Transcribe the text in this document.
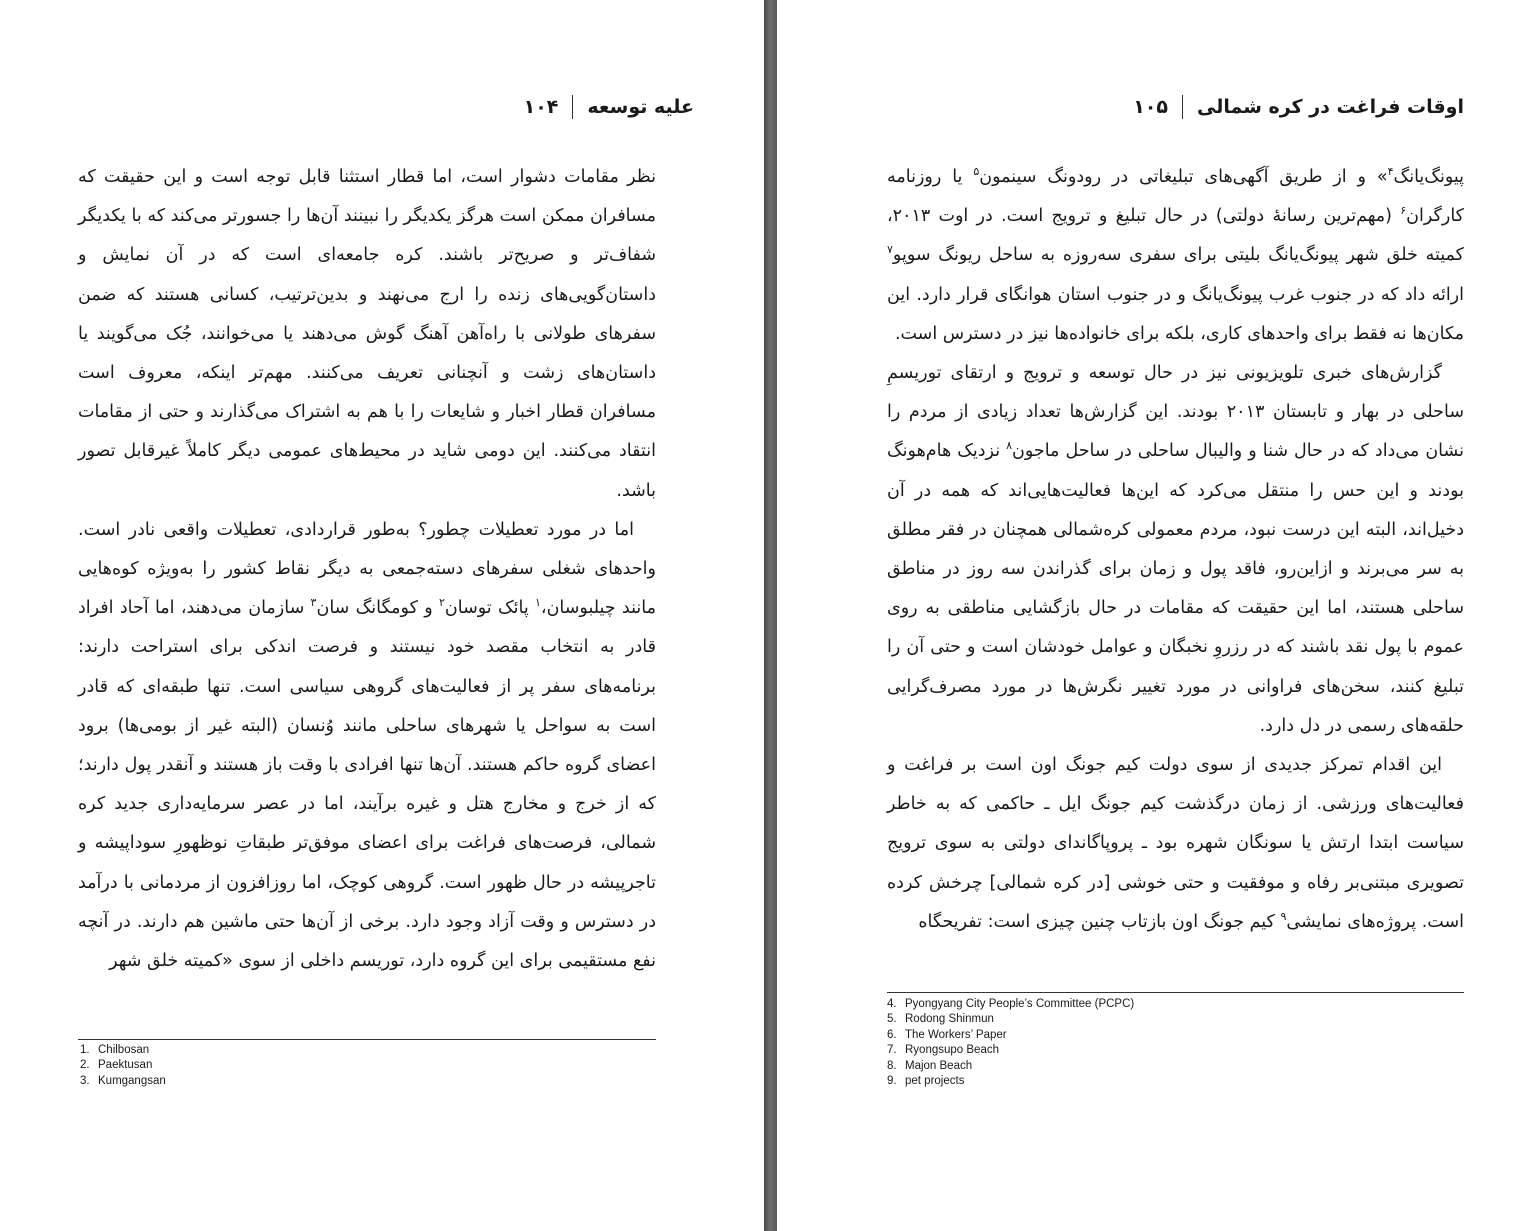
علیه توسعه
۱۰۴

نظر مقامات دشوار است، اما قطار استثنا قابل توجه است و این حقیقت که مسافران ممکن است هرگز یکدیگر را نبینند آن‌ها را جسورتر می‌کند که با یکدیگر شفاف‌تر و صریح‌تر باشند. کره جامعه‌ای است که در آن نمایش و داستان‌گویی‌های زنده را ارج می‌نهند و بدین‌ترتیب، کسانی هستند که ضمن سفرهای طولانی با راه‌آهن آهنگ گوش می‌دهند یا می‌خوانند، جُک می‌گویند یا داستان‌های زشت و آنچنانی تعریف می‌کنند. مهم‌تر اینکه، معروف است مسافران قطار اخبار و شایعات را با هم به اشتراک می‌گذارند و حتی از مقامات انتقاد می‌کنند. این دومی شاید در محیط‌های عمومی دیگر کاملاً غیرقابل تصور باشد.

اما در مورد تعطیلات چطور؟ به‌طور قراردادی، تعطیلات واقعی نادر است. واحدهای شغلی سفرهای دسته‌جمعی به دیگر نقاط کشور را به‌ویژه کوه‌هایی مانند چیلبوسان،$^۱$ پائک توسان$^۲$ و کومگانگ سان$^۳$ سازمان می‌دهند، اما آحاد افراد قادر به انتخاب مقصد خود نیستند و فرصت اندکی برای استراحت دارند: برنامه‌های سفر پر از فعالیت‌های گروهی سیاسی است. تنها طبقه‌ای که قادر است به سواحل یا شهرهای ساحلی مانند وُنسان (البته غیر از بومی‌ها) برود اعضای گروه حاکم هستند. آن‌ها تنها افرادی با وقت باز هستند و آنقدر پول دارند؛ که از خرج و مخارج هتل و غیره برآیند، اما در عصر سرمایه‌داری جدید کره شمالی، فرصت‌های فراغت برای اعضای موفق‌تر طبقاتِ نوظهورِ سوداپیشه و تاجرپیشه در حال ظهور است. گروهی کوچک، اما روزافزون از مردمانی با درآمد در دسترس و وقت آزاد وجود دارد. برخی از آن‌ها حتی ماشین هم دارند. در آنچه نفع مستقیمی برای این گروه دارد، توریسم داخلی از سوی «کمیته خلق شهر

1. Chilbosan
2. Paektusan
3. Kumgangsan
اوقات فراغت در کره شمالی
۱۰۵

پیونگ‌یانگ$^۴$» و از طریق آگهی‌های تبلیغاتی در رودونگ سینمون$^۵$ یا روزنامه کارگران$^۶$ (مهم‌ترین رسانهٔ دولتی) در حال تبلیغ و ترویج است. در اوت ۲۰۱۳، کمیته خلق شهر پیونگ‌یانگ بلیتی برای سفری سه‌روزه به ساحل ریونگ سوپو$^۷$ ارائه داد که در جنوب غرب پیونگ‌یانگ و در جنوب استان هوانگای قرار دارد. این مکان‌ها نه فقط برای واحدهای کاری، بلکه برای خانواده‌ها نیز در دسترس است.

گزارش‌های خبری تلویزیونی نیز در حال توسعه و ترویج و ارتقای توریسمِ ساحلی در بهار و تابستان ۲۰۱۳ بودند. این گزارش‌ها تعداد زیادی از مردم را نشان می‌داد که در حال شنا و والیبال ساحلی در ساحل ماجون$^۸$ نزدیک هام‌هونگ بودند و این حس را منتقل می‌کرد که این‌ها فعالیت‌هایی‌اند که همه در آن دخیل‌اند، البته این درست نبود، مردم معمولی کره‌شمالی همچنان در فقر مطلق به سر می‌برند و ازاین‌رو، فاقد پول و زمان برای گذراندن سه روز در مناطق ساحلی هستند، اما این حقیقت که مقامات در حال بازگشایی مناطقی به روی عموم با پول نقد باشند که در رزروِ نخبگان و عوامل خودشان است و حتی آن را تبلیغ کنند، سخن‌های فراوانی در مورد تغییر نگرش‌ها در مورد مصرف‌گرایی حلقه‌های رسمی در دل دارد.

این اقدام تمرکز جدیدی از سوی دولت کیم جونگ اون است بر فراغت و فعالیت‌های ورزشی. از زمان درگذشت کیم جونگ ایل ـ حاکمی که به خاطر سیاست ابتدا ارتش یا سونگان شهره بود ـ پروپاگاندای دولتی به سوی ترویج تصویری مبتنی‌بر رفاه و موفقیت و حتی خوشی [در کره شمالی] چرخش کرده است. پروژه‌های نمایشی$^۹$ کیم جونگ اون بازتاب چنین چیزی است: تفریحگاه

4. Pyongyang City People’s Committee (PCPC)
5. Rodong Shinmun
6. The Workers’ Paper
7. Ryongsupo Beach
8. Majon Beach
9. pet projects
